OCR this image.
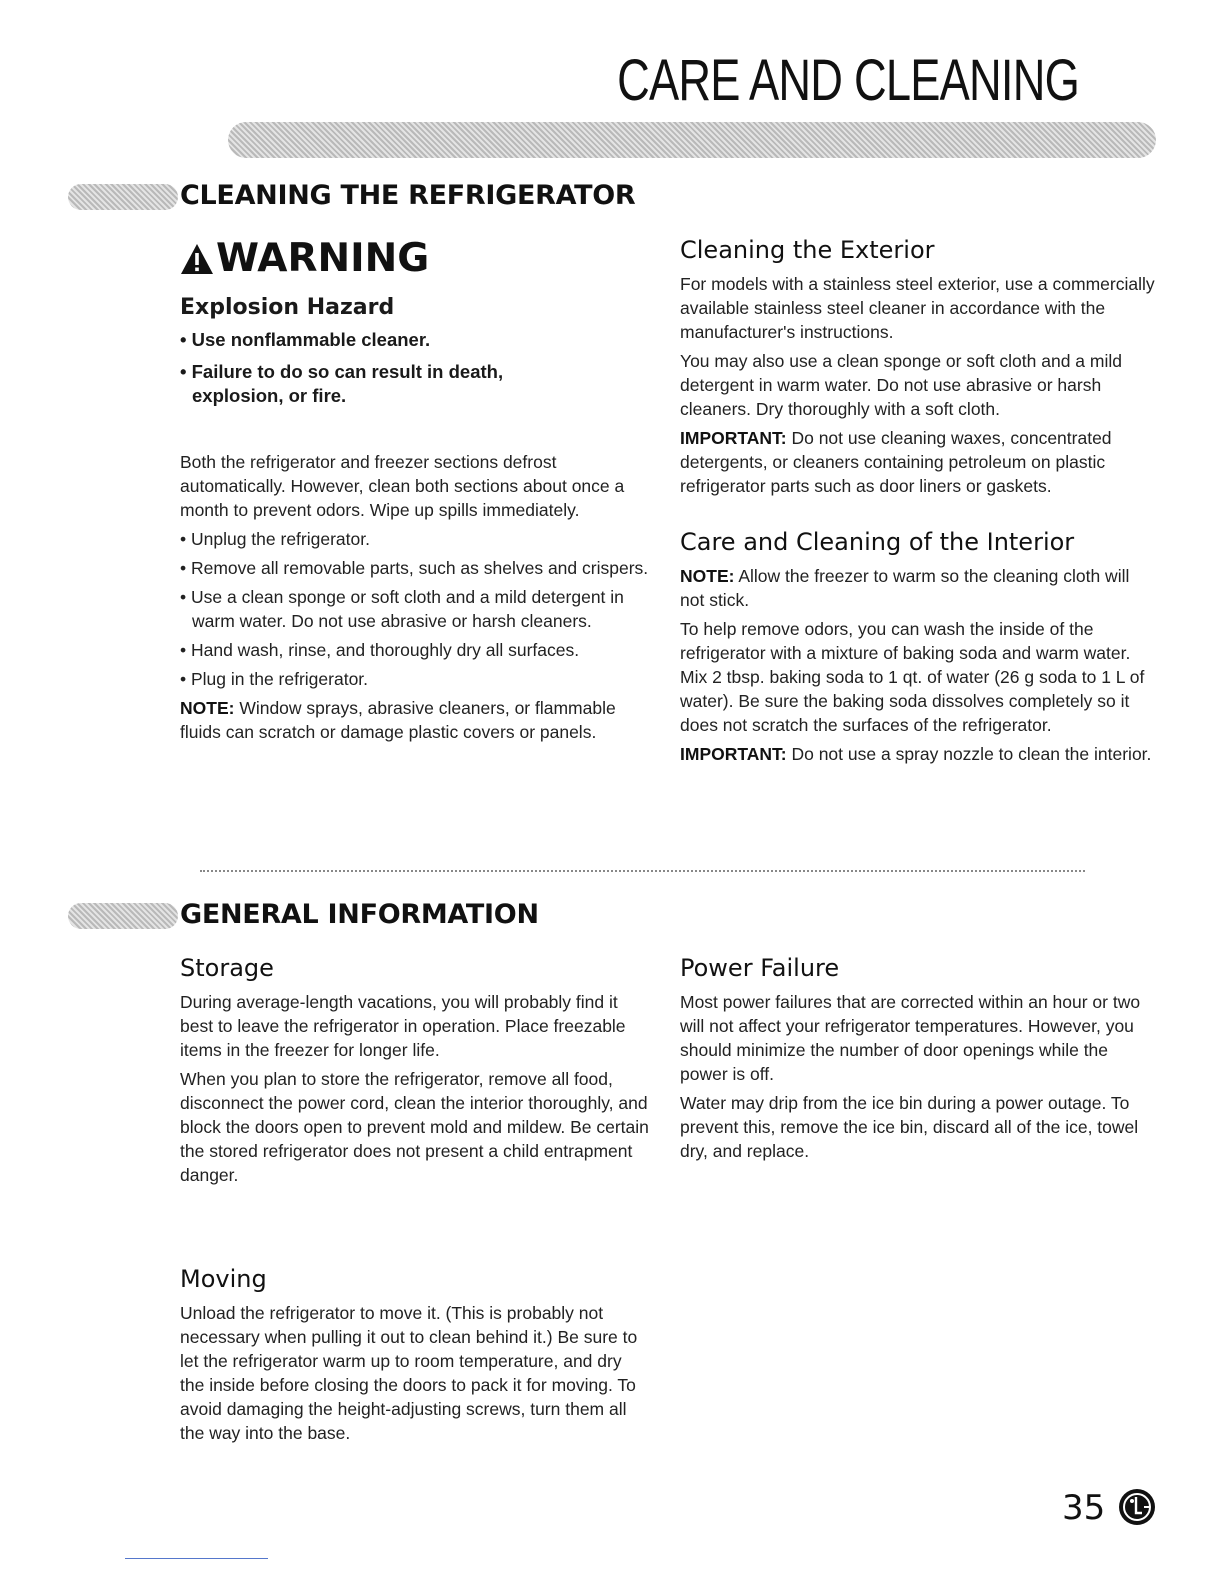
CARE AND CLEANING
CLEANING THE REFRIGERATOR
WARNING
Explosion Hazard
• Use nonflammable cleaner.
• Failure to do so can result in death, explosion, or fire.

Both the refrigerator and freezer sections defrost automatically. However, clean both sections about once a month to prevent odors. Wipe up spills immediately.

• Unplug the refrigerator.

• Remove all removable parts, such as shelves and crispers.

• Use a clean sponge or soft cloth and a mild detergent in warm water. Do not use abrasive or harsh cleaners.

• Hand wash, rinse, and thoroughly dry all surfaces.

• Plug in the refrigerator.

NOTE: Window sprays, abrasive cleaners, or flammable fluids can scratch or damage plastic covers or panels.

Cleaning the Exterior

For models with a stainless steel exterior, use a commercially available stainless steel cleaner in accordance with the manufacturer's instructions.

You may also use a clean sponge or soft cloth and a mild detergent in warm water. Do not use abrasive or harsh cleaners. Dry thoroughly with a soft cloth.

IMPORTANT: Do not use cleaning waxes, concentrated detergents, or cleaners containing petroleum on plastic refrigerator parts such as door liners or gaskets.

Care and Cleaning of the Interior

NOTE: Allow the freezer to warm so the cleaning cloth will not stick.

To help remove odors, you can wash the inside of the refrigerator with a mixture of baking soda and warm water. Mix 2 tbsp. baking soda to 1 qt. of water (26 g soda to 1 L of water). Be sure the baking soda dissolves completely so it does not scratch the surfaces of the refrigerator.

IMPORTANT: Do not use a spray nozzle to clean the interior.

GENERAL INFORMATION
Storage

During average-length vacations, you will probably find it best to leave the refrigerator in operation. Place freezable items in the freezer for longer life.

When you plan to store the refrigerator, remove all food, disconnect the power cord, clean the interior thoroughly, and block the doors open to prevent mold and mildew. Be certain the stored refrigerator does not present a child entrapment danger.

Moving

Unload the refrigerator to move it. (This is probably not necessary when pulling it out to clean behind it.) Be sure to let the refrigerator warm up to room temperature, and dry the inside before closing the doors to pack it for moving. To avoid damaging the height-adjusting screws, turn them all the way into the base.

Power Failure

Most power failures that are corrected within an hour or two will not affect your refrigerator temperatures. However, you should minimize the number of door openings while the power is off.

Water may drip from the ice bin during a power outage. To prevent this, remove the ice bin, discard all of the ice, towel dry, and replace.

35
